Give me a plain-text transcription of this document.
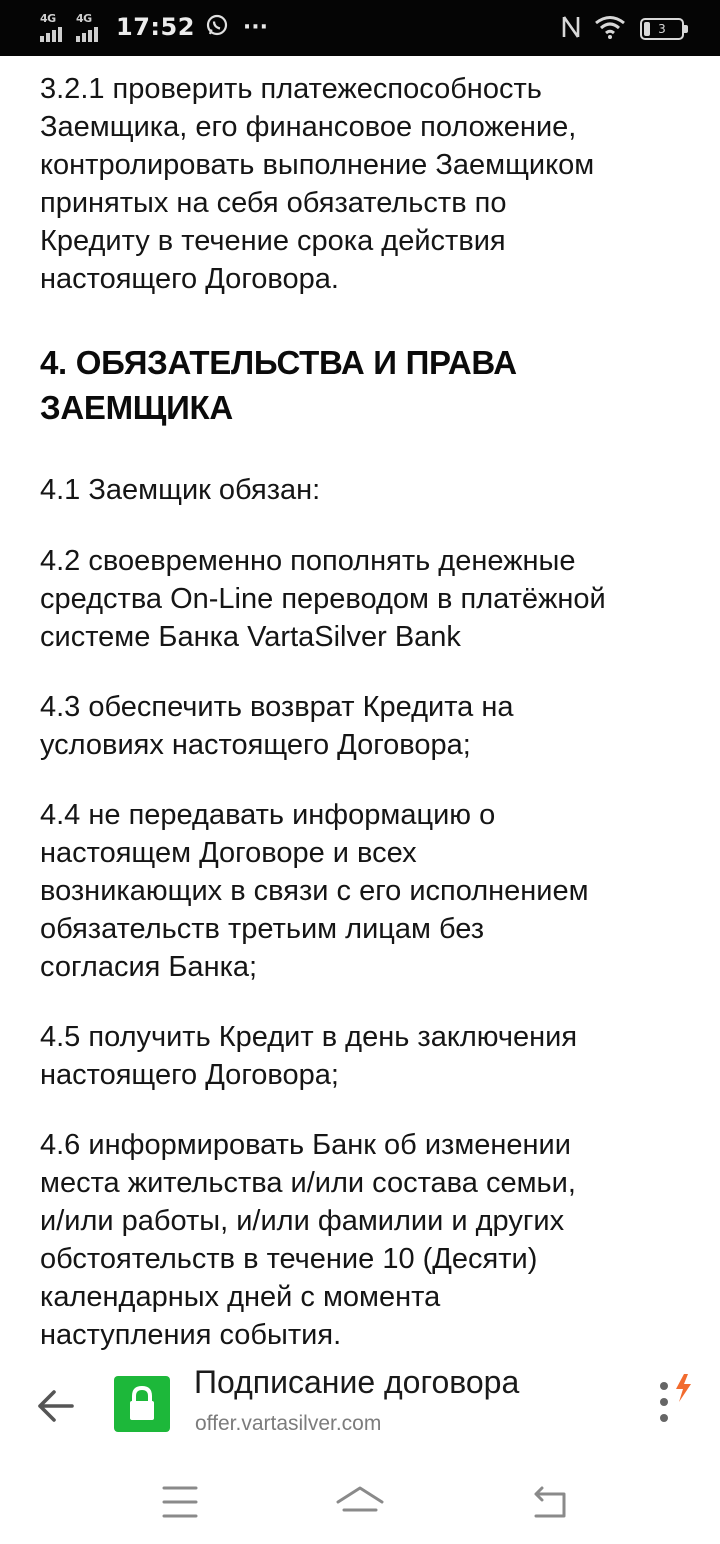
4G 4G 17:52 ···	3

3.2.1 проверить платежеспособность
Заемщика, его финансовое положение,
контролировать выполнение Заемщиком
принятых на себя обязательств по
Кредиту в течение срока действия
настоящего Договора.

4. ОБЯЗАТЕЛЬСТВА И ПРАВА
ЗАЕМЩИКА

4.1 Заемщик обязан:

4.2 своевременно пополнять денежные
средства On-Line переводом в платёжной
системе Банка VartaSilver Bank

4.3 обеспечить возврат Кредита на
условиях настоящего Договора;

4.4 не передавать информацию о
настоящем Договоре и всех
возникающих в связи с его исполнением
обязательств третьим лицам без
согласия Банка;

4.5 получить Кредит в день заключения
настоящего Договора;

4.6 информировать Банк об изменении
места жительства и/или состава семьи,
и/или работы, и/или фамилии и других
обстоятельств в течение 10 (Десяти)
календарных дней с момента
наступления события.

Подписание договора
offer.vartasilver.com
